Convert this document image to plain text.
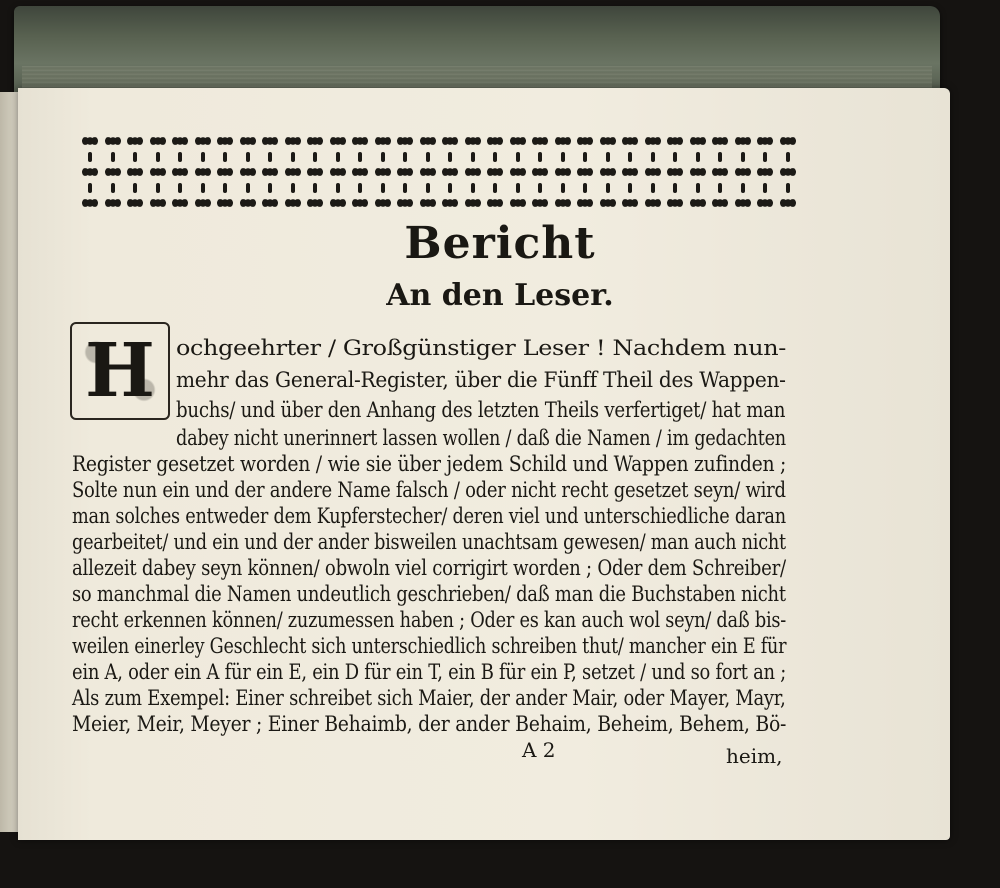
Bericht
An den Leser.
H	ochgeehrter / Großgünstiger Leser ! Nachdem nun-
mehr das General-Register, über die Fünff Theil des Wappen-
buchs/ und über den Anhang des letzten Theils verfertiget/ hat man
dabey nicht unerinnert lassen wollen / daß die Namen / im gedachten
Register gesetzet worden / wie sie über jedem Schild und Wappen zufinden ;
Solte nun ein und der andere Name falsch / oder nicht recht gesetzet seyn/ wird
man solches entweder dem Kupferstecher/ deren viel und unterschiedliche daran
gearbeitet/ und ein und der ander bisweilen unachtsam gewesen/ man auch nicht
allezeit dabey seyn können/ obwoln viel corrigirt worden ; Oder dem Schreiber/
so manchmal die Namen undeutlich geschrieben/ daß man die Buchstaben nicht
recht erkennen können/ zuzumessen haben ; Oder es kan auch wol seyn/ daß bis-
weilen einerley Geschlecht sich unterschiedlich schreiben thut/ mancher ein E für
ein A, oder ein A für ein E, ein D für ein T, ein B für ein P, setzet / und so fort an ;
Als zum Exempel: Einer schreibet sich Maier, der ander Mair, oder Mayer, Mayr,
Meier, Meir, Meyer ; Einer Behaimb, der ander Behaim, Beheim, Behem, Bö-
A 2	heim,
